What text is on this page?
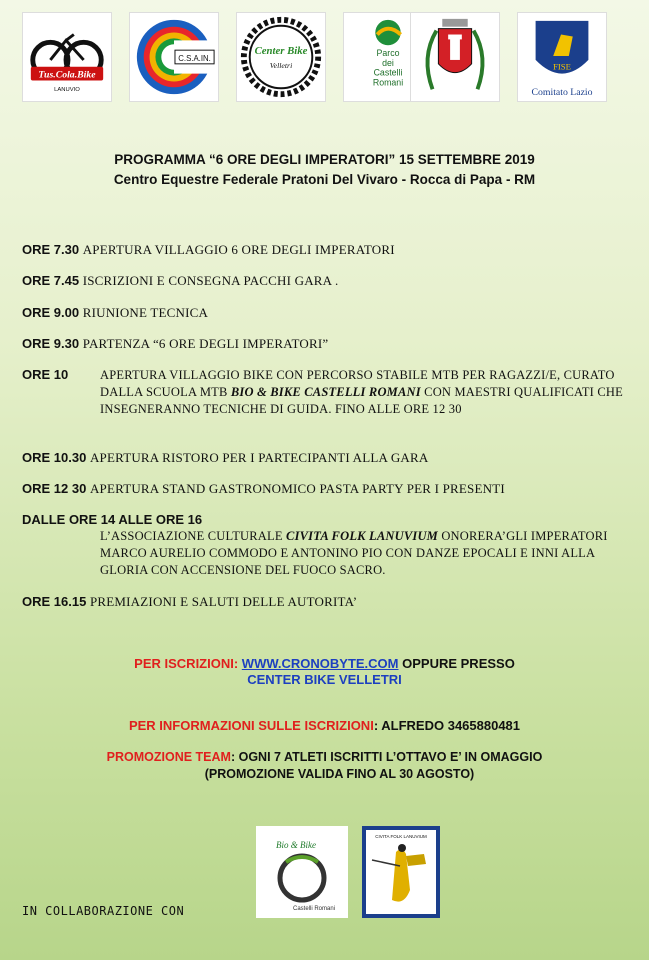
Tus.Cola.Bike
LANUVIO
C.S.A.IN.
Center Bike
Velletri
Parco
dei
Castelli
Romani
FISE
Comitato Lazio
PROGRAMMA “6 ORE DEGLI IMPERATORI” 15 SETTEMBRE 2019
Centro Equestre Federale Pratoni Del Vivaro - Rocca di Papa - RM
ORE 7.30 APERTURA VILLAGGIO 6 ORE DEGLI IMPERATORI
ORE 7.45 ISCRIZIONI E CONSEGNA PACCHI GARA .
ORE 9.00 RIUNIONE TECNICA
ORE 9.30 PARTENZA “6 ORE DEGLI IMPERATORI”
ORE 10	APERTURA VILLAGGIO BIKE CON PERCORSO STABILE MTB PER RAGAZZI/E, CURATO DALLA SCUOLA MTB BIO & BIKE CASTELLI ROMANI CON MAESTRI QUALIFICATI CHE INSEGNERANNO TECNICHE DI GUIDA. FINO ALLE ORE 12 30
ORE 10.30 APERTURA RISTORO PER I PARTECIPANTI ALLA GARA
ORE 12 30 APERTURA STAND GASTRONOMICO PASTA PARTY PER I PRESENTI
DALLE ORE 14 ALLE ORE 16
L’ASSOCIAZIONE CULTURALE CIVITA FOLK LANUVIUM ONORERA’GLI IMPERATORI MARCO AURELIO COMMODO E ANTONINO PIO CON DANZE EPOCALI E INNI ALLA GLORIA CON ACCENSIONE DEL FUOCO SACRO.
ORE 16.15 PREMIAZIONI E SALUTI DELLE AUTORITA’
PER ISCRIZIONI: WWW.CRONOBYTE.COM OPPURE PRESSO
CENTER BIKE VELLETRI
PER INFORMAZIONI SULLE ISCRIZIONI: ALFREDO 3465880481
PROMOZIONE TEAM: OGNI 7 ATLETI ISCRITTI L’OTTAVO E’ IN OMAGGIO
(PROMOZIONE VALIDA FINO AL 30 AGOSTO)
IN COLLABORAZIONE CON
Bio & Bike
Castelli Romani
CIVITA FOLK LANUVIUM
